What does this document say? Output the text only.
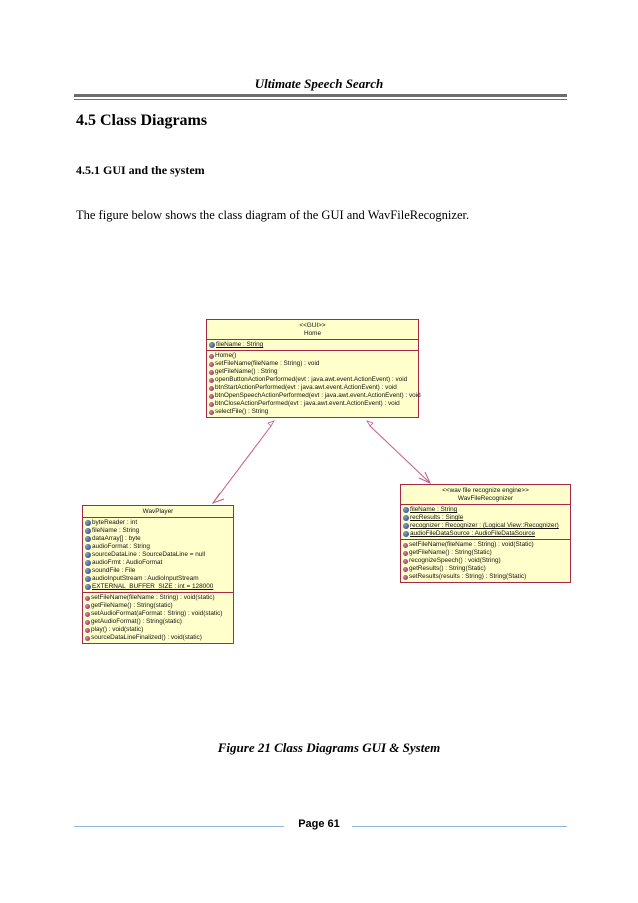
Ultimate Speech Search
4.5 Class Diagrams
4.5.1 GUI and the system
The figure below shows the class diagram of the GUI and WavFileRecognizer.
<<GUI>>
Home
fileName : String
Home()
setFileName(fileName : String) : void
getFileName() : String
openButtonActionPerformed(evt : java.awt.event.ActionEvent) : void
btnStartActionPerformed(evt : java.awt.event.ActionEvent) : void
btnOpenSpeechActionPerformed(evt : java.awt.event.ActionEvent) : void
btnCloseActionPerformed(evt : java.awt.event.ActionEvent) : void
selectFile() : String
WavPlayer
byteReader : int
fileName : String
dataArray[] : byte
audioFormat : String
sourceDataLine : SourceDataLine = null
audioFrmt : AudioFormat
soundFile : File
audioInputStream : AudioInputStream
EXTERNAL_BUFFER_SIZE : int = 128000
setFileName(fileName : String) : void(static)
getFileName() : String(static)
setAudioFormat(aFormat : String) : void(static)
getAudioFormat() : String(static)
play() : void(static)
sourceDataLineFinalized() : void(static)
<<wav file recognize engine>>
WavFileRecognizer
fileName : String
recResults : Single
recognizer : Recognizer : (Logical View::Recognizer)
audioFileDataSource : AudioFileDataSource
setFileName(fileName : String) : void(Static)
getFileName() : String(Static)
recognizeSpeech() : void(String)
getResults() : String(Static)
setResults(results : String) : String(Static)
Figure 21 Class Diagrams GUI & System
Page 61
